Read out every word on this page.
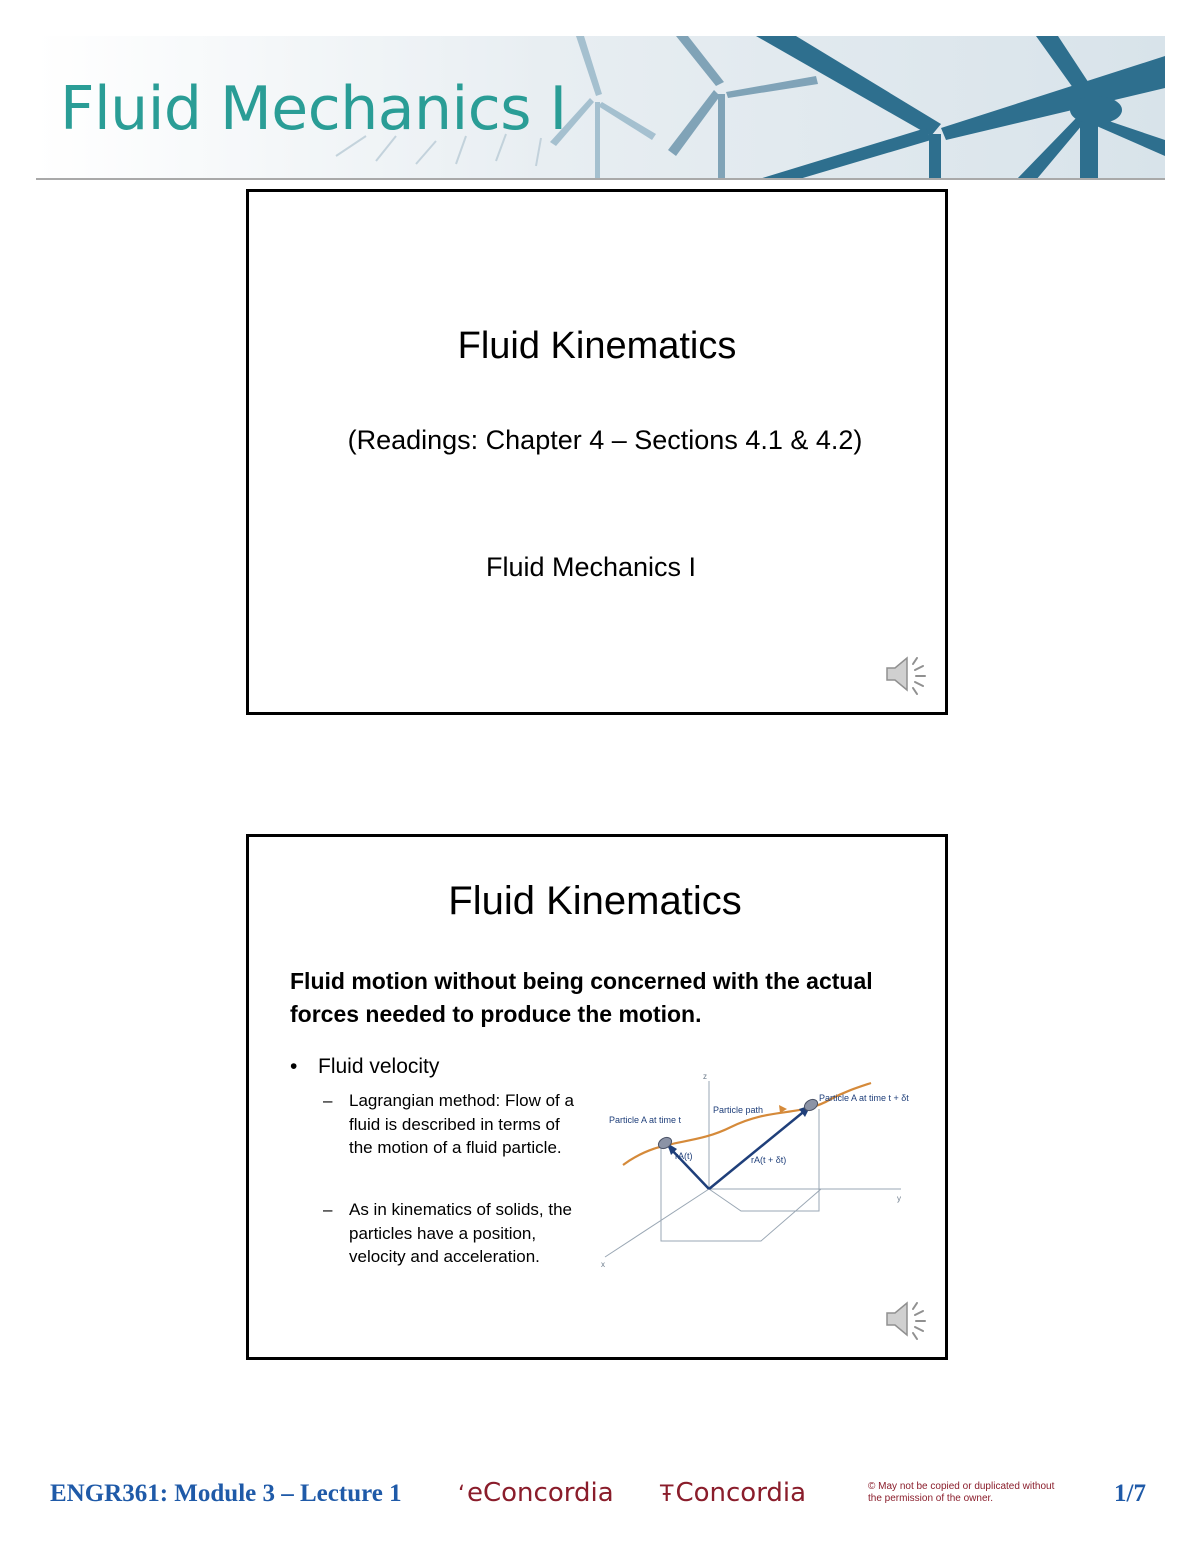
Fluid Mechanics I
Fluid Kinematics
(Readings: Chapter 4 – Sections 4.1 & 4.2)
Fluid Mechanics I
Fluid Kinematics
Fluid motion without being concerned with the actual forces needed to produce the motion.
• Fluid velocity
– Lagrangian method: Flow of a fluid is described in terms of the motion of a fluid particle.
– As in kinematics of solids, the particles have a position, velocity and acceleration.
Particle A at time t
Particle path
Particle A at time t + δt
rA(t)	rA(t + δt)
z
y
x
ENGR361: Module 3 – Lecture 1	ʻeConcordia ŦConcordia	© May not be copied or duplicated without the permission of the owner.	1/7
